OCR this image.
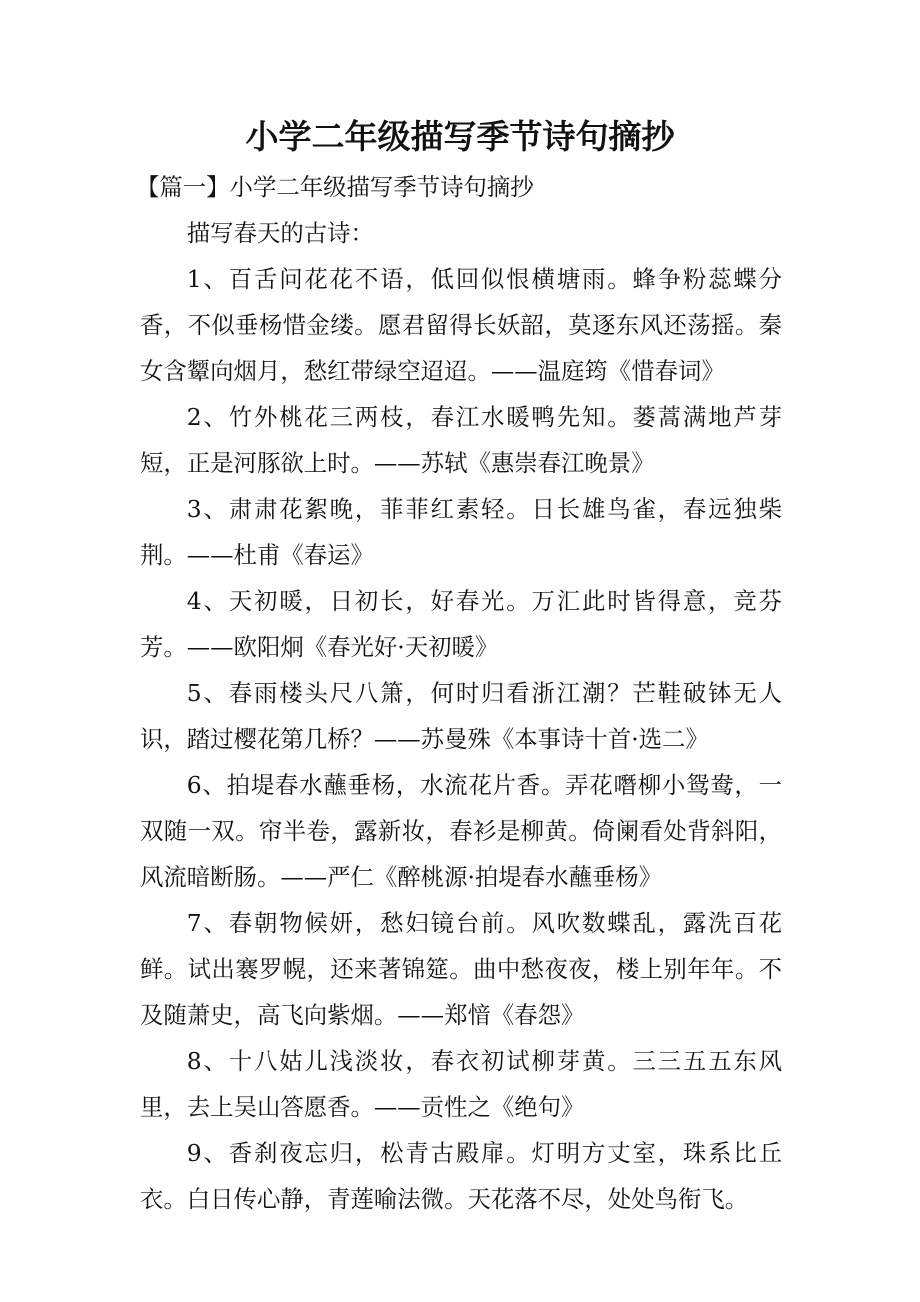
小学二年级描写季节诗句摘抄

【篇一】小学二年级描写季节诗句摘抄

描写春天的古诗：

1、百舌问花花不语，低回似恨横塘雨。蜂争粉蕊蝶分香，不似垂杨惜金缕。愿君留得长妖韶，莫逐东风还荡摇。秦女含颦向烟月，愁红带绿空迢迢。——温庭筠《惜春词》

2、竹外桃花三两枝，春江水暖鸭先知。蒌蒿满地芦芽短，正是河豚欲上时。——苏轼《惠崇春江晚景》

3、肃肃花絮晚，菲菲红素轻。日长雄鸟雀，春远独柴荆。——杜甫《春运》

4、天初暖，日初长，好春光。万汇此时皆得意，竞芬芳。——欧阳炯《春光好·天初暖》

5、春雨楼头尺八箫，何时归看浙江潮？芒鞋破钵无人识，踏过樱花第几桥？——苏曼殊《本事诗十首·选二》

6、拍堤春水蘸垂杨，水流花片香。弄花噆柳小鸳鸯，一双随一双。帘半卷，露新妆，春衫是柳黄。倚阑看处背斜阳，风流暗断肠。——严仁《醉桃源·拍堤春水蘸垂杨》

7、春朝物候妍，愁妇镜台前。风吹数蝶乱，露洗百花鲜。试出褰罗幌，还来著锦筵。曲中愁夜夜，楼上别年年。不及随萧史，高飞向紫烟。——郑愔《春怨》

8、十八姑儿浅淡妆，春衣初试柳芽黄。三三五五东风里，去上吴山答愿香。——贡性之《绝句》

9、香刹夜忘归，松青古殿扉。灯明方丈室，珠系比丘衣。白日传心静，青莲喻法微。天花落不尽，处处鸟衔飞。
